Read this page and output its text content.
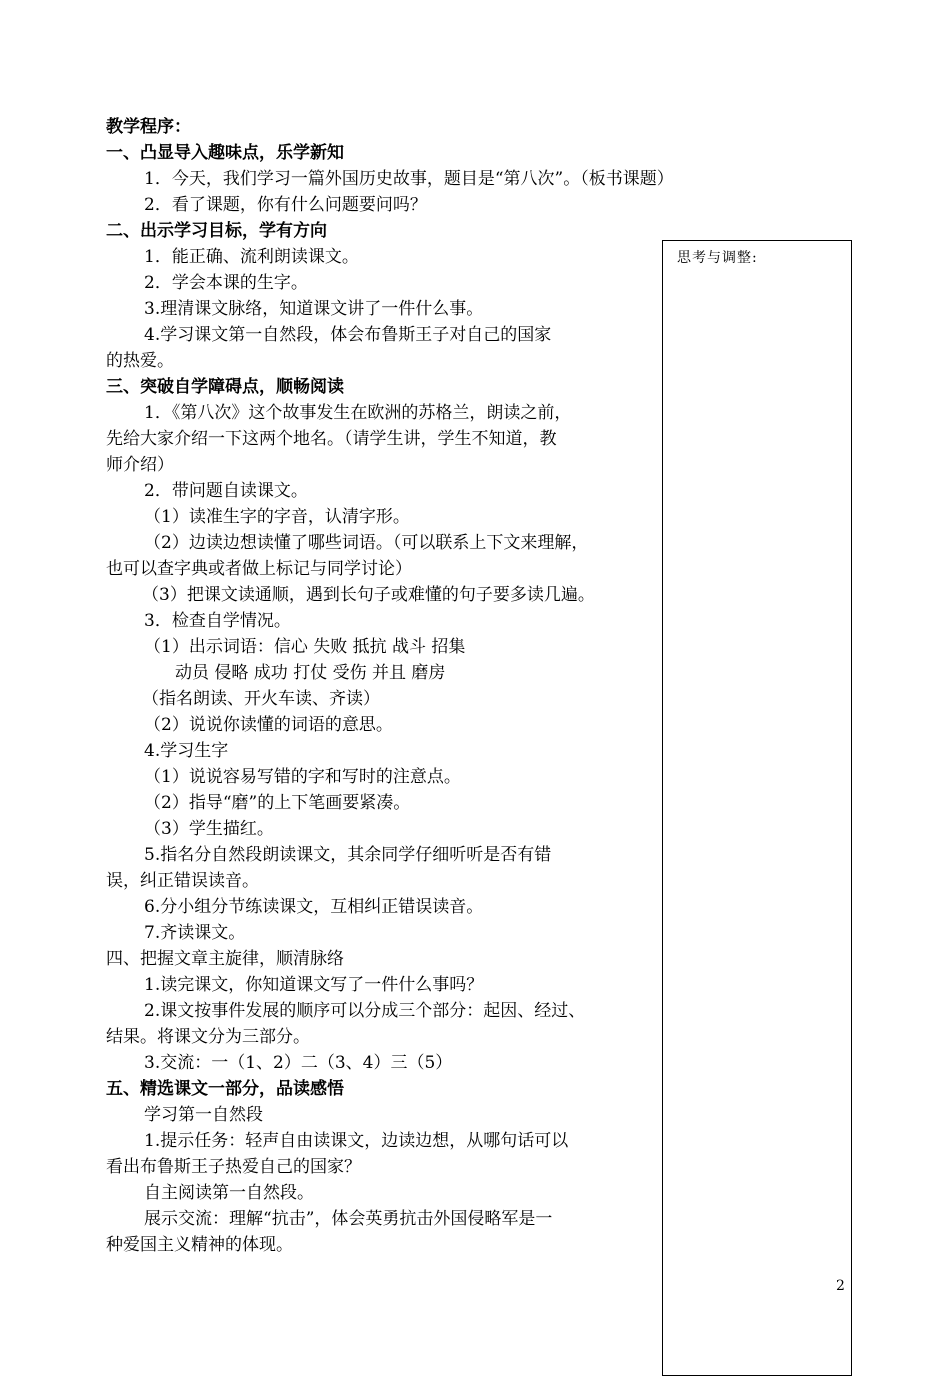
教学程序：
一、凸显导入趣味点，乐学新知
1．今天，我们学习一篇外国历史故事，题目是“第八次”。（板书课题）
2．看了课题，你有什么问题要问吗？
二、出示学习目标，学有方向
1．能正确、流利朗读课文。
2．学会本课的生字。
3.理清课文脉络，知道课文讲了一件什么事。
4.学习课文第一自然段，体会布鲁斯王子对自己的国家
的热爱。
三、突破自学障碍点，顺畅阅读
1．《第八次》这个故事发生在欧洲的苏格兰，朗读之前，
先给大家介绍一下这两个地名。（请学生讲，学生不知道，教
师介绍）
2．带问题自读课文。
（1）读准生字的字音，认清字形。
（2）边读边想读懂了哪些词语。（可以联系上下文来理解，
也可以查字典或者做上标记与同学讨论）
（3）把课文读通顺，遇到长句子或难懂的句子要多读几遍。
3．检查自学情况。
（1）出示词语：信心 失败 抵抗 战斗 招集
动员 侵略 成功 打仗 受伤 并且 磨房
（指名朗读、开火车读、齐读）
（2）说说你读懂的词语的意思。
4.学习生字
（1）说说容易写错的字和写时的注意点。
（2）指导“磨”的上下笔画要紧凑。
（3）学生描红。
5.指名分自然段朗读课文，其余同学仔细听听是否有错
误，纠正错误读音。
6.分小组分节练读课文，互相纠正错误读音。
7.齐读课文。
四、把握文章主旋律，顺清脉络
1.读完课文，你知道课文写了一件什么事吗？
2.课文按事件发展的顺序可以分成三个部分：起因、经过、
结果。将课文分为三部分。
3.交流：一（1、2）二（3、4）三（5）
五、精选课文一部分，品读感悟
学习第一自然段
1.提示任务：轻声自由读课文，边读边想，从哪句话可以
看出布鲁斯王子热爱自己的国家？
自主阅读第一自然段。
展示交流：理解“抗击”，体会英勇抗击外国侵略军是一
种爱国主义精神的体现。
思考与调整:
2
